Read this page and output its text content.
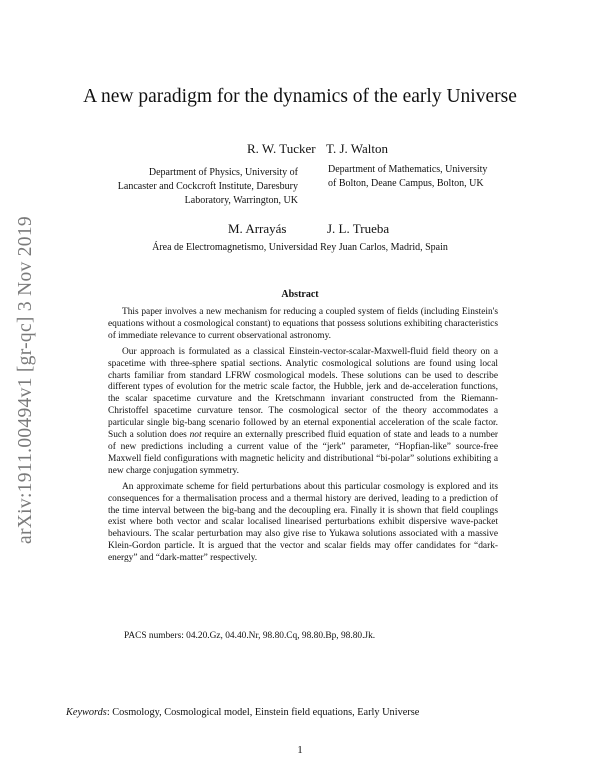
arXiv:1911.00494v1 [gr-qc] 3 Nov 2019
A new paradigm for the dynamics of the early Universe
R. W. Tucker T. J. Walton
Department of Physics, University of
Lancaster and Cockcroft Institute, Daresbury
Laboratory, Warrington, UK
Department of Mathematics, University
of Bolton, Deane Campus, Bolton, UK
M. Arrayás	J. L. Trueba
Área de Electromagnetismo, Universidad Rey Juan Carlos, Madrid, Spain
Abstract

This paper involves a new mechanism for reducing a coupled system of fields (including Einstein's equations without a cosmological constant) to equations that possess solutions exhibiting characteristics of immediate relevance to current observational astronomy.

Our approach is formulated as a classical Einstein-vector-scalar-Maxwell-fluid field theory on a spacetime with three-sphere spatial sections. Analytic cosmological solutions are found using local charts familiar from standard LFRW cosmological models. These solutions can be used to describe different types of evolution for the metric scale factor, the Hubble, jerk and de-acceleration functions, the scalar spacetime curvature and the Kretschmann invariant constructed from the Riemann-Christoffel spacetime curvature tensor. The cosmological sector of the theory accommodates a particular single big-bang scenario followed by an eternal exponential acceleration of the scale factor. Such a solution does not require an externally prescribed fluid equation of state and leads to a number of new predictions including a current value of the “jerk” parameter, “Hopfian-like” source-free Maxwell field configurations with magnetic helicity and distributional “bi-polar” solutions exhibiting a new charge conjugation symmetry.

An approximate scheme for field perturbations about this particular cosmology is explored and its consequences for a thermalisation process and a thermal history are derived, leading to a prediction of the time interval between the big-bang and the decoupling era. Finally it is shown that field couplings exist where both vector and scalar localised linearised perturbations exhibit dispersive wave-packet behaviours. The scalar perturbation may also give rise to Yukawa solutions associated with a massive Klein-Gordon particle. It is argued that the vector and scalar fields may offer candidates for “dark-energy” and “dark-matter” respectively.

PACS numbers: 04.20.Gz, 04.40.Nr, 98.80.Cq, 98.80.Bp, 98.80.Jk.
Keywords: Cosmology, Cosmological model, Einstein field equations, Early Universe
1
